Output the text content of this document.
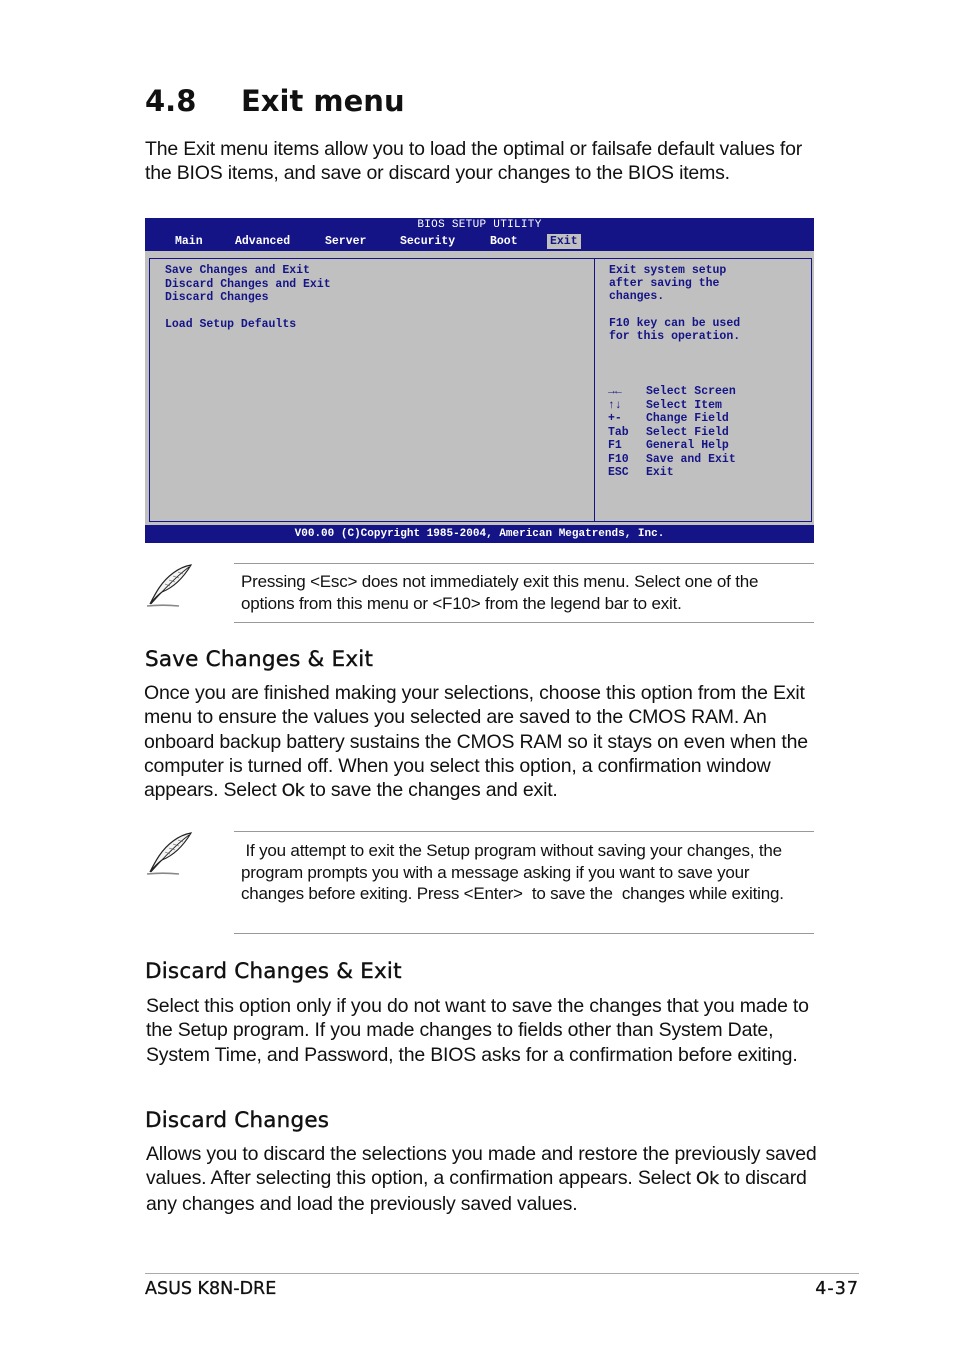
4.8 Exit menu

The Exit menu items allow you to load the optimal or failsafe default values for the BIOS items, and save or discard your changes to the BIOS items.

BIOS SETUP UTILITY
Main	Advanced	Server	Security	Boot	Exit
Save Changes and Exit
Discard Changes and Exit
Discard Changes
Load Setup Defaults
Exit system setup
after saving the
changes.
F10 key can be used
for this operation.
→← Select Screen
↑↓ Select Item
+- Change Field
Tab Select Field
F1 General Help
F10 Save and Exit
ESC Exit
V00.00 (C)Copyright 1985-2004, American Megatrends, Inc.

Pressing <Esc> does not immediately exit this menu. Select one of the options from this menu or <F10> from the legend bar to exit.

Save Changes & Exit

Once you are finished making your selections, choose this option from the Exit menu to ensure the values you selected are saved to the CMOS RAM. An onboard backup battery sustains the CMOS RAM so it stays on even when the computer is turned off. When you select this option, a confirmation window appears. Select Ok to save the changes and exit.

If you attempt to exit the Setup program without saving your changes, the program prompts you with a message asking if you want to save your changes before exiting. Press <Enter>  to save the  changes while exiting.

Discard Changes & Exit

Select this option only if you do not want to save the changes that you made to the Setup program. If you made changes to fields other than System Date, System Time, and Password, the BIOS asks for a confirmation before exiting.

Discard Changes

Allows you to discard the selections you made and restore the previously saved values. After selecting this option, a confirmation appears. Select Ok to discard any changes and load the previously saved values.

ASUS K8N-DRE	4-37
